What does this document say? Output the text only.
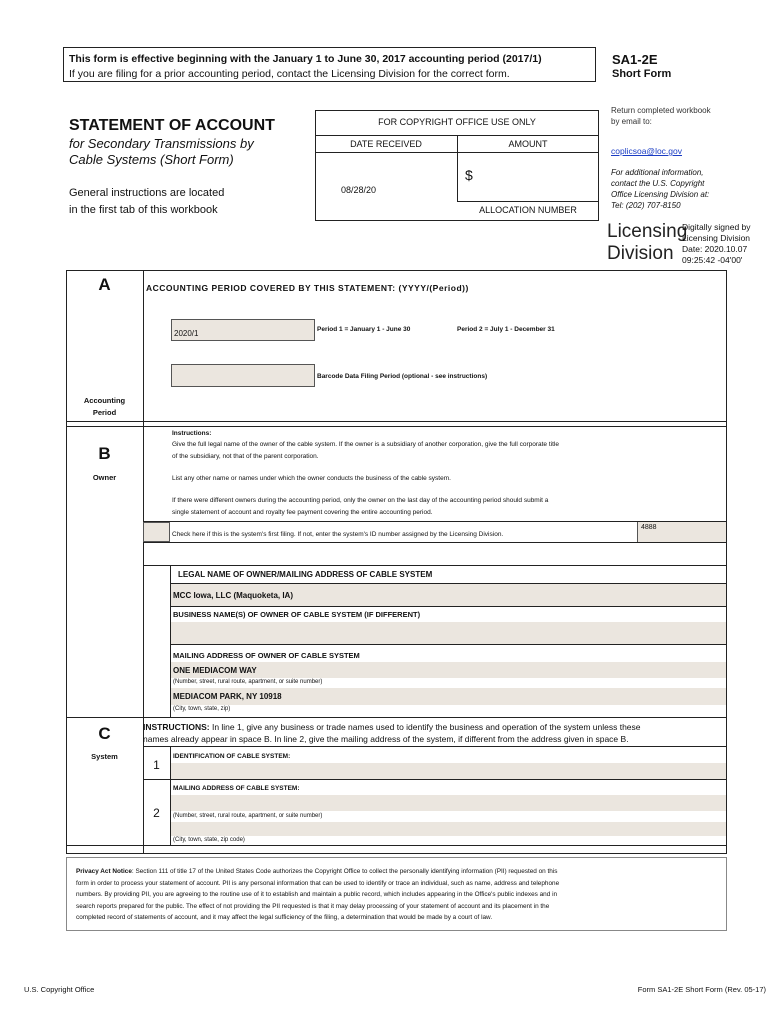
This form is effective beginning with the January 1 to June 30, 2017 accounting period (2017/1)
If you are filing for a prior accounting period, contact the Licensing Division for the correct form.
SA1-2E
Short Form
STATEMENT OF ACCOUNT
for Secondary Transmissions by
Cable Systems (Short Form)
General instructions are located
in the first tab of this workbook
FOR COPYRIGHT OFFICE USE ONLY
DATE RECEIVED	AMOUNT
08/28/20
$
ALLOCATION NUMBER
Return completed workbook
by email to:
coplicsoa@loc.gov
For additional information,
contact the U.S. Copyright
Office Licensing Division at:
Tel: (202) 707-8150
Licensing
Division
Digitally signed by
Licensing Division
Date: 2020.10.07
09:25:42 -04'00'
A
Accounting
Period
ACCOUNTING PERIOD COVERED BY THIS STATEMENT: (YYYY/(Period))
2020/1	Period 1 = January 1 - June 30	Period 2 = July 1 - December 31
Barcode Data Filing Period (optional - see instructions)
B
Owner
Instructions:
Give the full legal name of the owner of the cable system. If the owner is a subsidiary of another corporation, give the full corporate title
of the subsidiary, not that of the parent corporation.
List any other name or names under which the owner conducts the business of the cable system.
If there were different owners during the accounting period, only the owner on the last day of the accounting period should submit a
single statement of account and royalty fee payment covering the entire accounting period.
Check here if this is the system's first filing. If not, enter the system's ID number assigned by the Licensing Division.
4888
LEGAL NAME OF OWNER/MAILING ADDRESS OF CABLE SYSTEM
MCC Iowa, LLC (Maquoketa, IA)
BUSINESS NAME(S) OF OWNER OF CABLE SYSTEM (IF DIFFERENT)
MAILING ADDRESS OF OWNER OF CABLE SYSTEM
ONE MEDIACOM WAY
(Number, street, rural route, apartment, or suite number)
MEDIACOM PARK, NY 10918
(City, town, state, zip)
C
System
INSTRUCTIONS: In line 1, give any business or trade names used to identify the business and operation of the system unless these
names already appear in space B. In line 2, give the mailing address of the system, if different from the address given in space B.
1
IDENTIFICATION OF CABLE SYSTEM:
MAILING ADDRESS OF CABLE SYSTEM:
2	(Number, street, rural route, apartment, or suite number)
(City, town, state, zip code)
Privacy Act Notice: Section 111 of title 17 of the United States Code authorizes the Copyright Office to collect the personally identifying information (PII) requested on this
form in order to process your statement of account. PII is any personal information that can be used to identify or trace an individual, such as name, address and telephone
numbers. By providing PII, you are agreeing to the routine use of it to establish and maintain a public record, which includes appearing in the Office's public indexes and in
search reports prepared for the public. The effect of not providing the PII requested is that it may delay processing of your statement of account and its placement in the
completed record of statements of account, and it may affect the legal sufficiency of the filing, a determination that would be made by a court of law.
U.S. Copyright Office	Form SA1-2E Short Form (Rev. 05-17)
